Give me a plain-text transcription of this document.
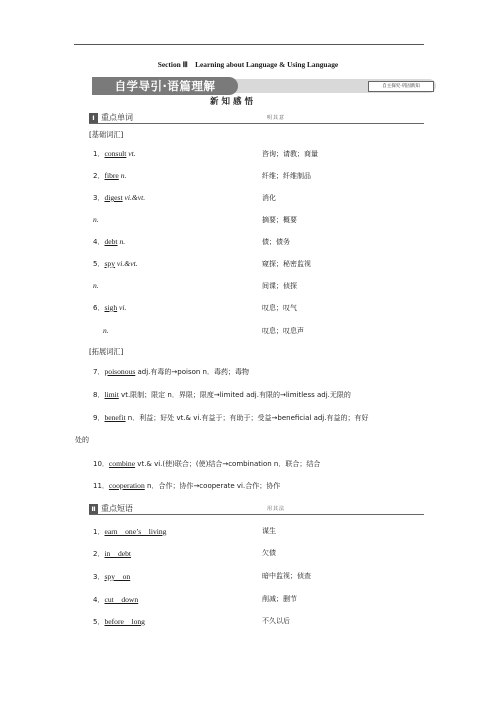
Section Ⅲ　Learning about Language & Using Language
自学导引·语篇理解	自主探究·巩固新知
新知感悟
Ⅰ 重点单词	明其意
[基础词汇]
1．consult vt.	咨询；请教；商量
2．fibre n.	纤维；纤维制品
3．digest vi.&vt.	消化
n.	摘要；概要
4．debt n.	债；债务
5．spy vi.&vt.	窥探；秘密监视
n.	间谍；侦探
6．sigh vi.	叹息；叹气
n.	叹息；叹息声
[拓展词汇]
7．poisonous adj.有毒的→poison n．毒药；毒物
8．limit vt.限制；限定 n．界限；限度→limited adj.有限的→limitless adj.无限的
9．benefit n．利益；好处 vt.& vi.有益于；有助于；受益→beneficial adj.有益的；有好
处的
10．combine vt.& vi.(使)联合；(使)结合→combination n．联合；结合
11．cooperation n．合作；协作→cooperate vi.合作；协作
Ⅱ 重点短语	用其法
1．earn　one’s　living	谋生
2．in　debt	欠债
3．spy　on	暗中监视；侦查
4．cut　down	削减；删节
5．before　long	不久以后
